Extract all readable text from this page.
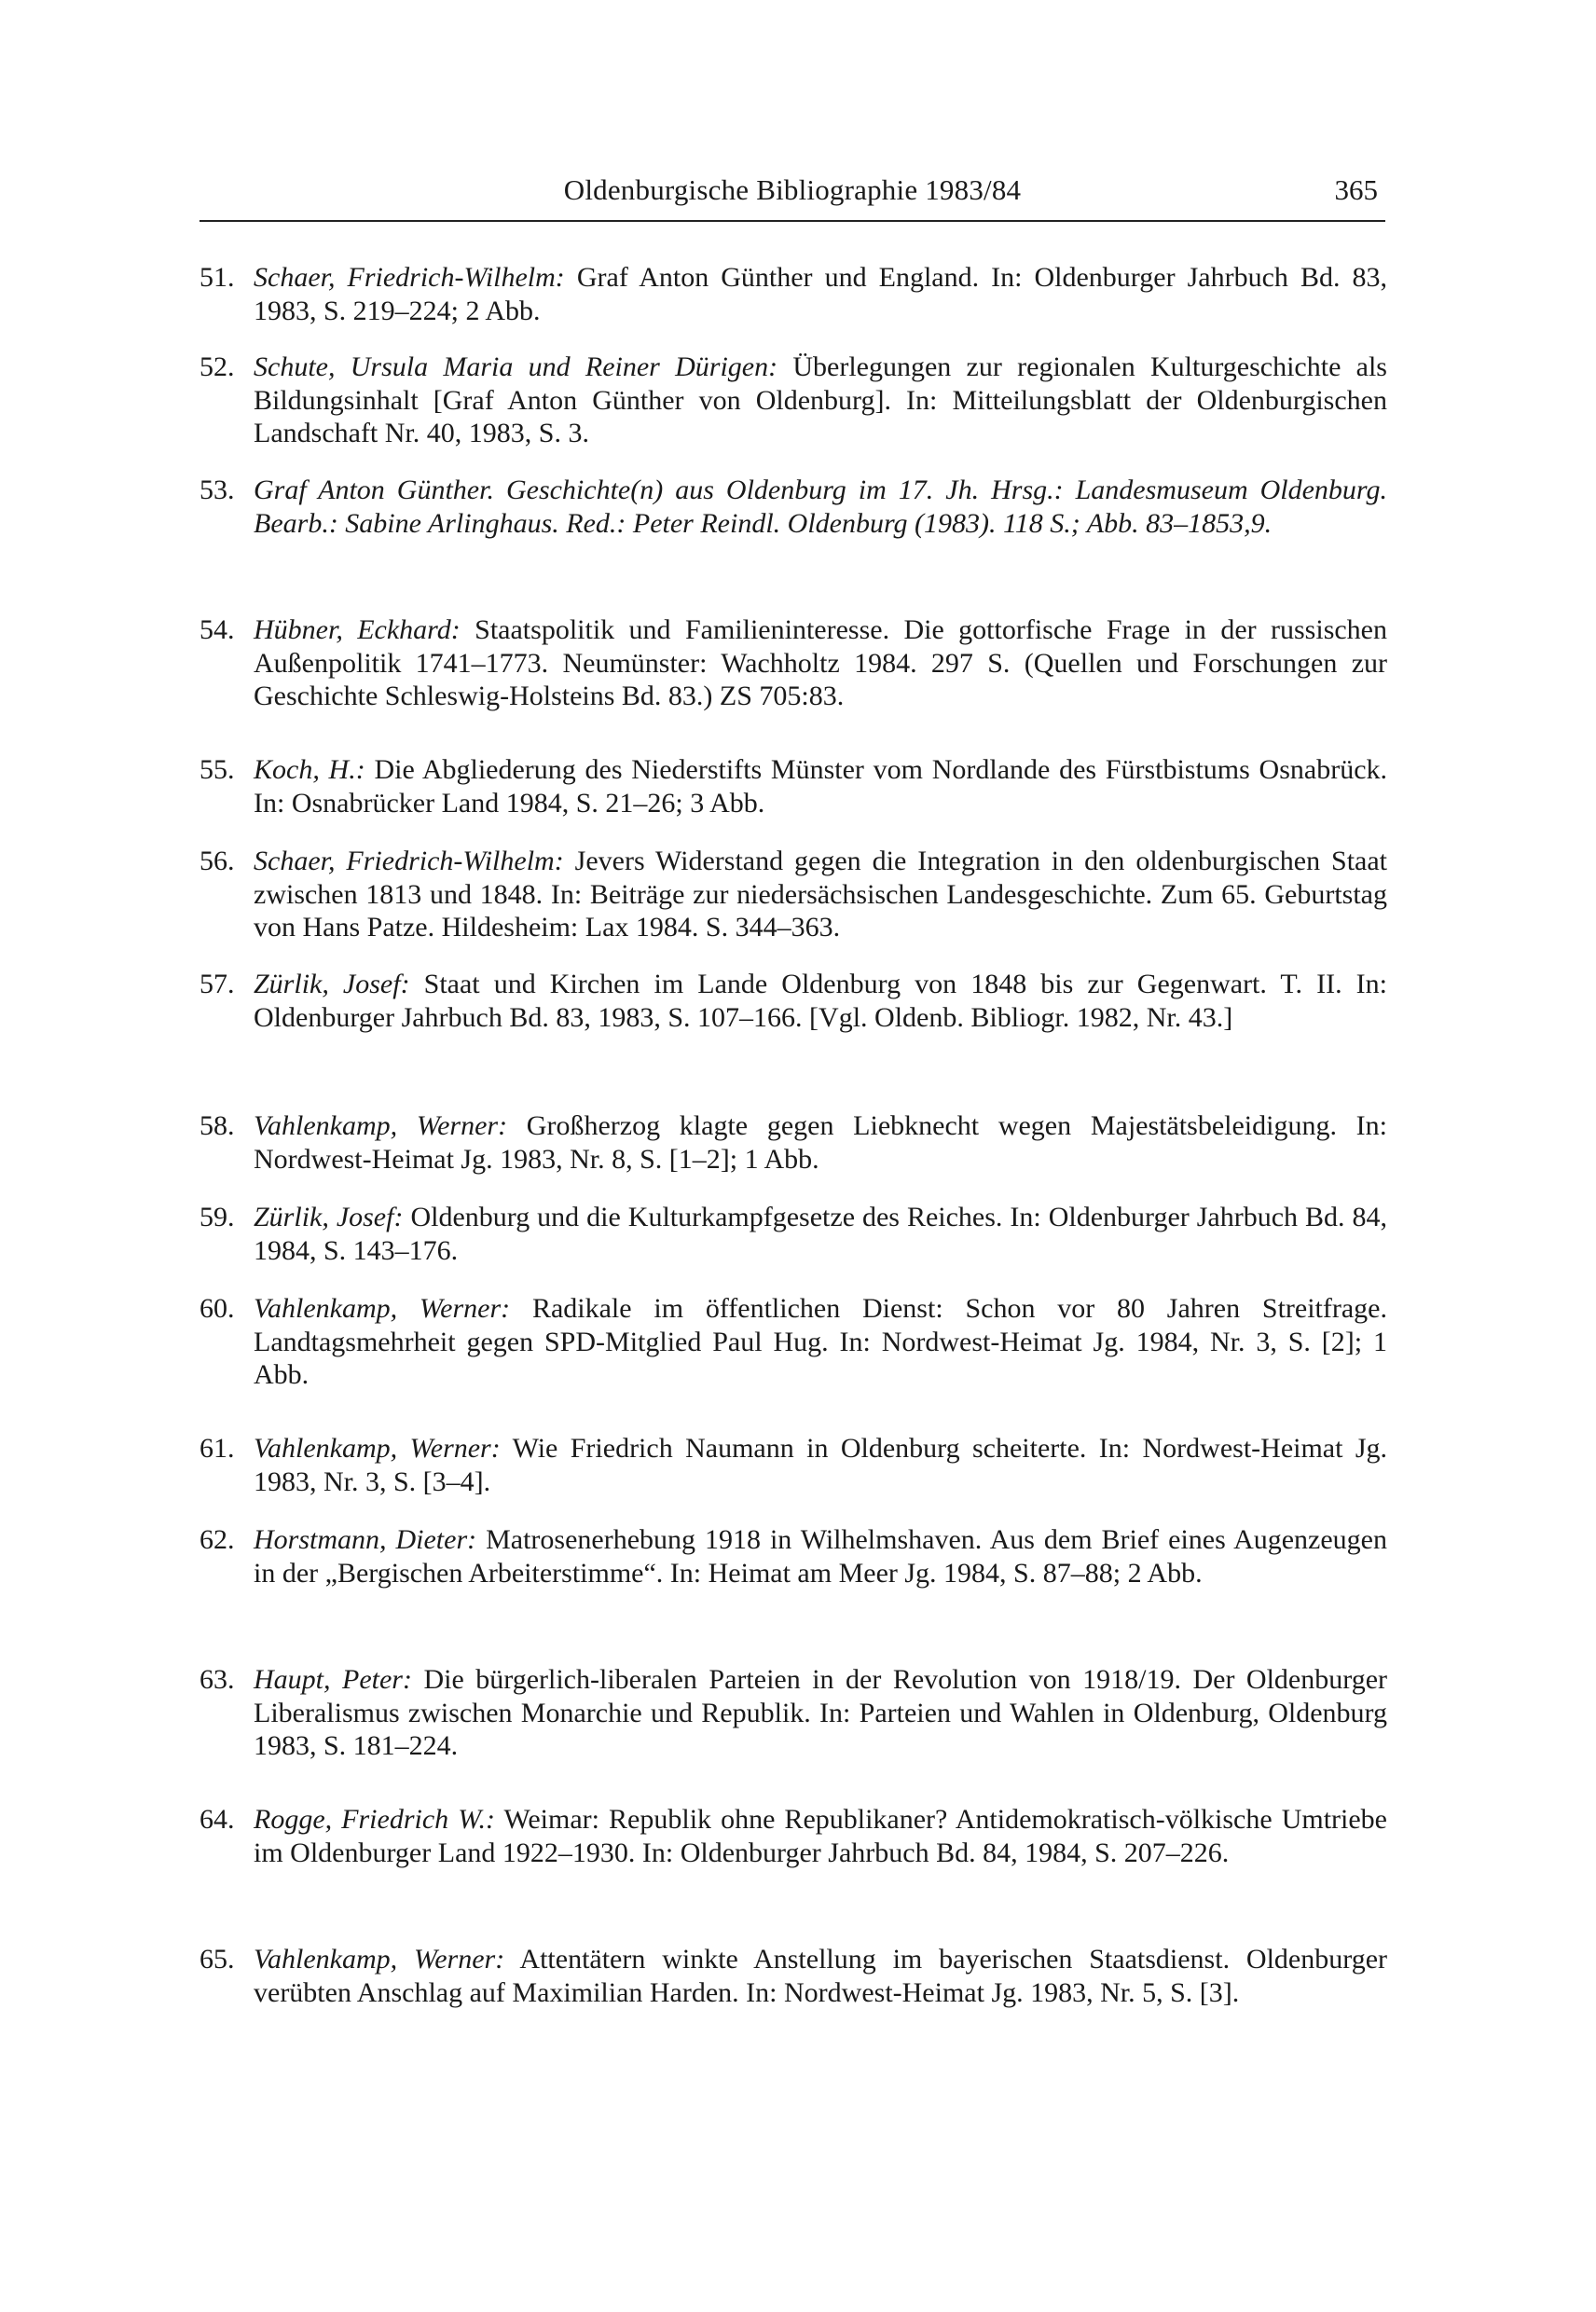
Oldenburgische Bibliographie 1983/84	365
51. Schaer, Friedrich-Wilhelm: Graf Anton Günther und England. In: Oldenburger Jahrbuch Bd. 83, 1983, S. 219–224; 2 Abb.
52. Schute, Ursula Maria und Reiner Dürigen: Überlegungen zur regionalen Kulturgeschichte als Bildungsinhalt [Graf Anton Günther von Oldenburg]. In: Mitteilungsblatt der Oldenburgischen Landschaft Nr. 40, 1983, S. 3.
53. Graf Anton Günther. Geschichte(n) aus Oldenburg im 17. Jh. Hrsg.: Landesmuseum Oldenburg. Bearb.: Sabine Arlinghaus. Red.: Peter Reindl. Oldenburg (1983). 118 S.; Abb. 83–1853,9.
54. Hübner, Eckhard: Staatspolitik und Familieninteresse. Die gottorfische Frage in der russischen Außenpolitik 1741–1773. Neumünster: Wachholtz 1984. 297 S. (Quellen und Forschungen zur Geschichte Schleswig-Holsteins Bd. 83.) ZS 705:83.
55. Koch, H.: Die Abgliederung des Niederstifts Münster vom Nordlande des Fürstbistums Osnabrück. In: Osnabrücker Land 1984, S. 21–26; 3 Abb.
56. Schaer, Friedrich-Wilhelm: Jevers Widerstand gegen die Integration in den oldenburgischen Staat zwischen 1813 und 1848. In: Beiträge zur niedersächsischen Landesgeschichte. Zum 65. Geburtstag von Hans Patze. Hildesheim: Lax 1984. S. 344–363.
57. Zürlik, Josef: Staat und Kirchen im Lande Oldenburg von 1848 bis zur Gegenwart. T. II. In: Oldenburger Jahrbuch Bd. 83, 1983, S. 107–166. [Vgl. Oldenb. Bibliogr. 1982, Nr. 43.]
58. Vahlenkamp, Werner: Großherzog klagte gegen Liebknecht wegen Majestätsbeleidigung. In: Nordwest-Heimat Jg. 1983, Nr. 8, S. [1–2]; 1 Abb.
59. Zürlik, Josef: Oldenburg und die Kulturkampfgesetze des Reiches. In: Oldenburger Jahrbuch Bd. 84, 1984, S. 143–176.
60. Vahlenkamp, Werner: Radikale im öffentlichen Dienst: Schon vor 80 Jahren Streitfrage. Landtagsmehrheit gegen SPD-Mitglied Paul Hug. In: Nordwest-Heimat Jg. 1984, Nr. 3, S. [2]; 1 Abb.
61. Vahlenkamp, Werner: Wie Friedrich Naumann in Oldenburg scheiterte. In: Nordwest-Heimat Jg. 1983, Nr. 3, S. [3–4].
62. Horstmann, Dieter: Matrosenerhebung 1918 in Wilhelmshaven. Aus dem Brief eines Augenzeugen in der „Bergischen Arbeiterstimme“. In: Heimat am Meer Jg. 1984, S. 87–88; 2 Abb.
63. Haupt, Peter: Die bürgerlich-liberalen Parteien in der Revolution von 1918/19. Der Oldenburger Liberalismus zwischen Monarchie und Republik. In: Parteien und Wahlen in Oldenburg, Oldenburg 1983, S. 181–224.
64. Rogge, Friedrich W.: Weimar: Republik ohne Republikaner? Antidemokratisch-völkische Umtriebe im Oldenburger Land 1922–1930. In: Oldenburger Jahrbuch Bd. 84, 1984, S. 207–226.
65. Vahlenkamp, Werner: Attentätern winkte Anstellung im bayerischen Staatsdienst. Oldenburger verübten Anschlag auf Maximilian Harden. In: Nordwest-Heimat Jg. 1983, Nr. 5, S. [3].
